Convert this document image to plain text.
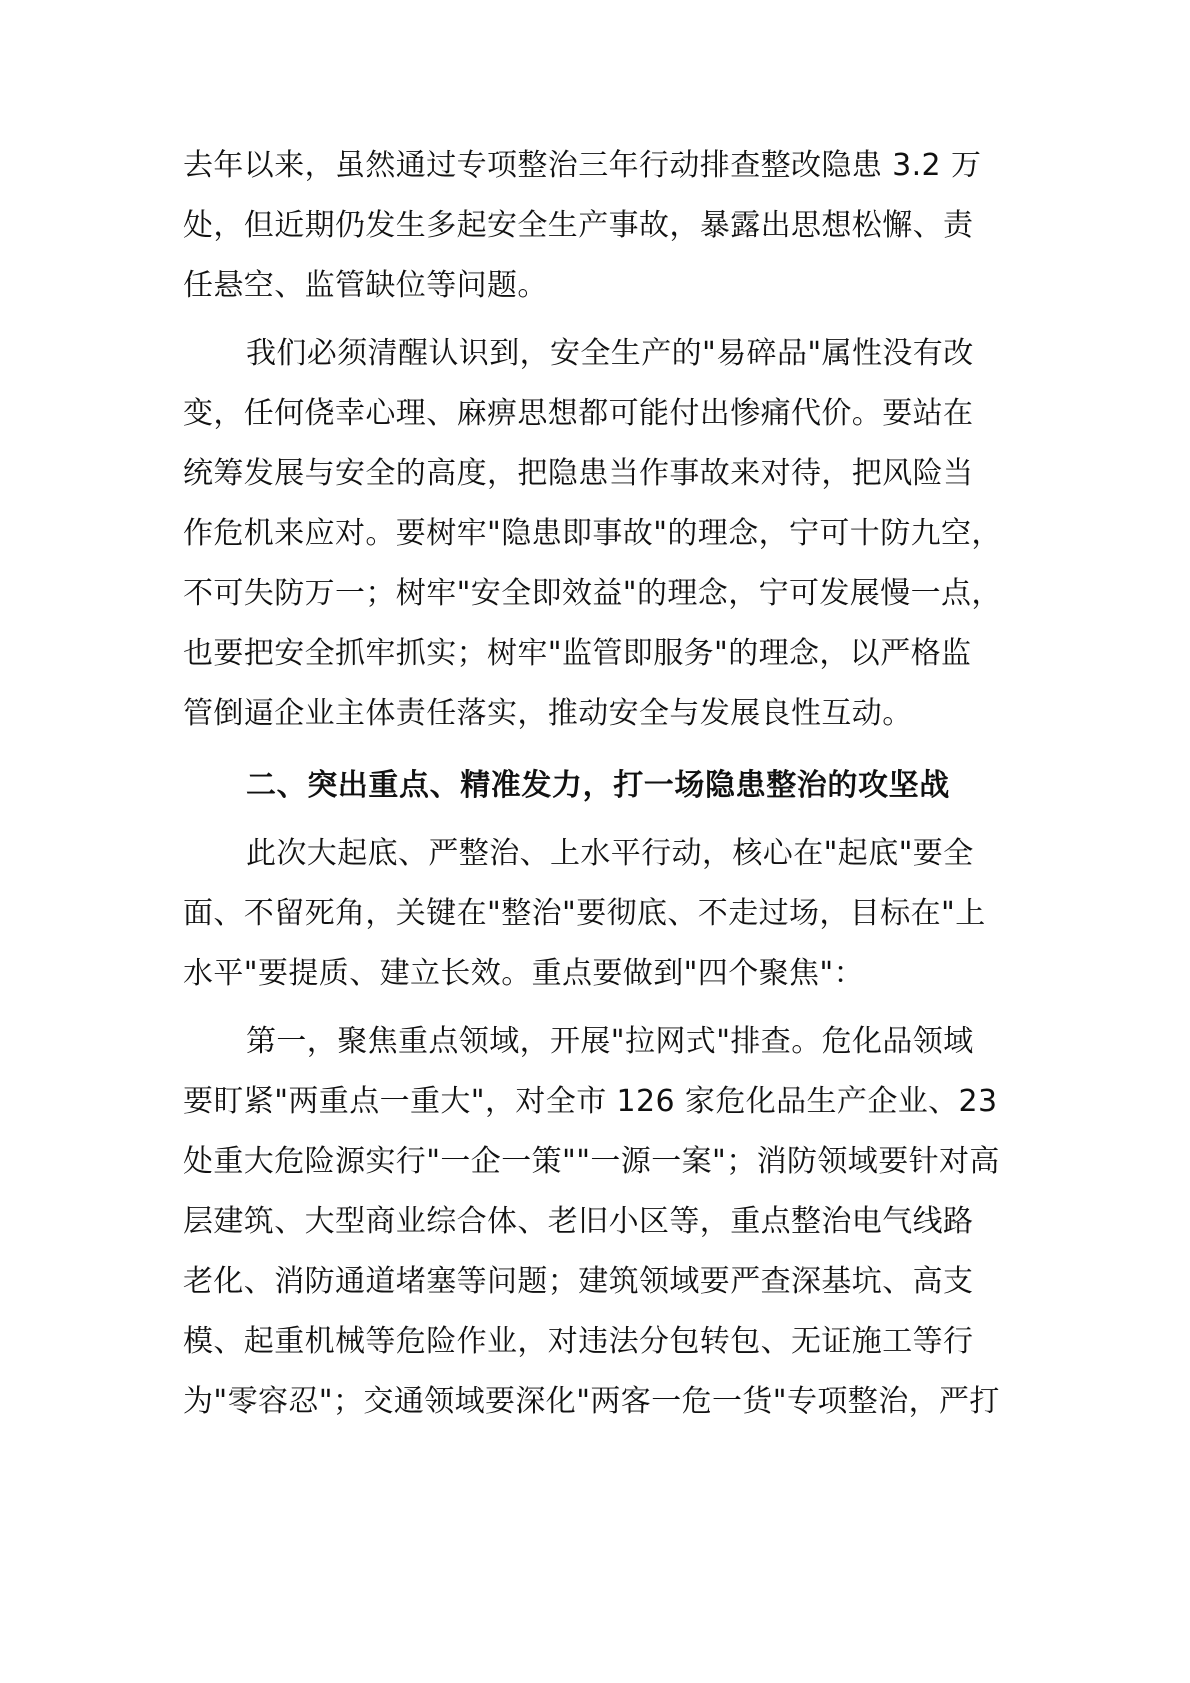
去年以来，虽然通过专项整治三年行动排查整改隐患 3.2 万
处，但近期仍发生多起安全生产事故，暴露出思想松懈、责
任悬空、监管缺位等问题。
我们必须清醒认识到，安全生产的"易碎品"属性没有改
变，任何侥幸心理、麻痹思想都可能付出惨痛代价。要站在
统筹发展与安全的高度，把隐患当作事故来对待，把风险当
作危机来应对。要树牢"隐患即事故"的理念，宁可十防九空，
不可失防万一；树牢"安全即效益"的理念，宁可发展慢一点，
也要把安全抓牢抓实；树牢"监管即服务"的理念，以严格监
管倒逼企业主体责任落实，推动安全与发展良性互动。
二、突出重点、精准发力，打一场隐患整治的攻坚战
此次大起底、严整治、上水平行动，核心在"起底"要全
面、不留死角，关键在"整治"要彻底、不走过场，目标在"上
水平"要提质、建立长效。重点要做到"四个聚焦"：
第一，聚焦重点领域，开展"拉网式"排查。危化品领域
要盯紧"两重点一重大"，对全市 126 家危化品生产企业、23
处重大危险源实行"一企一策""一源一案"；消防领域要针对高
层建筑、大型商业综合体、老旧小区等，重点整治电气线路
老化、消防通道堵塞等问题；建筑领域要严查深基坑、高支
模、起重机械等危险作业，对违法分包转包、无证施工等行
为"零容忍"；交通领域要深化"两客一危一货"专项整治，严打
